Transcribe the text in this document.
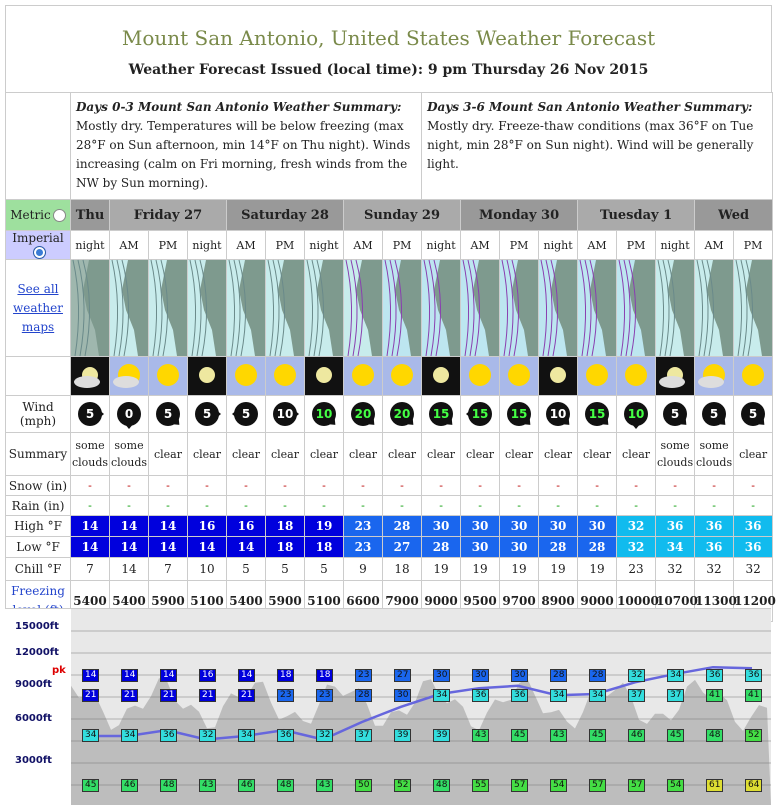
Mount San Antonio, United States Weather Forecast
Weather Forecast Issued (local time): 9 pm Thursday 26 Nov 2015
	Days 0-3 Mount San Antonio Weather Summary:
Mostly dry. Temperatures will be below freezing (max 28°F on Sun afternoon, min 14°F on Thu night). Winds increasing (calm on Fri morning, fresh winds from the NW by Sun morning).									Days 3-6 Mount San Antonio Weather Summary:
Mostly dry. Freeze-thaw conditions (max 36°F on Tue night, min 28°F on Sun night). Wind will be generally light.								
Metric	Thu	Friday 27			Saturday 28			Sunday 29			Monday 30			Tuesday 1			Wed	
Imperial	night	AM	PM	night	AM	PM	night	AM	PM	night	AM	PM	night	AM	PM	night	AM	PM

See all weather maps

Wind (mph)	5	0	5	5	5	10	10	20	20	15	15	15	10	15	10	5	5	5
Summary	some clouds	some clouds	clear	clear	clear	clear	clear	clear	clear	clear	clear	clear	clear	clear	clear	some clouds	some clouds	clear
Snow (in)	-	-	-	-	-	-	-	-	-	-	-	-	-	-	-	-	-	-
Rain (in)	-	-	-	-	-	-	-	-	-	-	-	-	-	-	-	-	-	-
High °F	14	14	14	16	16	18	19	23	28	30	30	30	30	30	32	36	36	36
Low °F	14	14	14	14	14	18	18	23	27	28	30	30	28	28	32	34	36	36
Chill °F	7	14	7	10	5	5	5	9	18	19	19	19	19	19	23	32	32	32
Freezing	5400	5400	5900	5100	5400	5900	5100	6600	7900	9000	9500	9700	8900	9000	10000	10700	11300	11200
pk
15000ft
12000ft
9000ft
6000ft
3000ft
14	14	14	16	14	18	18	23	27	30	30	30	28	28	32	34	36	36
21	21	21	21	21	23	23	28	30	34	36	36	34	34	37	37	41	41
34	34	36	32	34	36	32	37	39	39	43	45	43	45	46	45	48	52
45	46	48	43	46	48	43	50	52	48	55	57	54	57	57	54	61	64
